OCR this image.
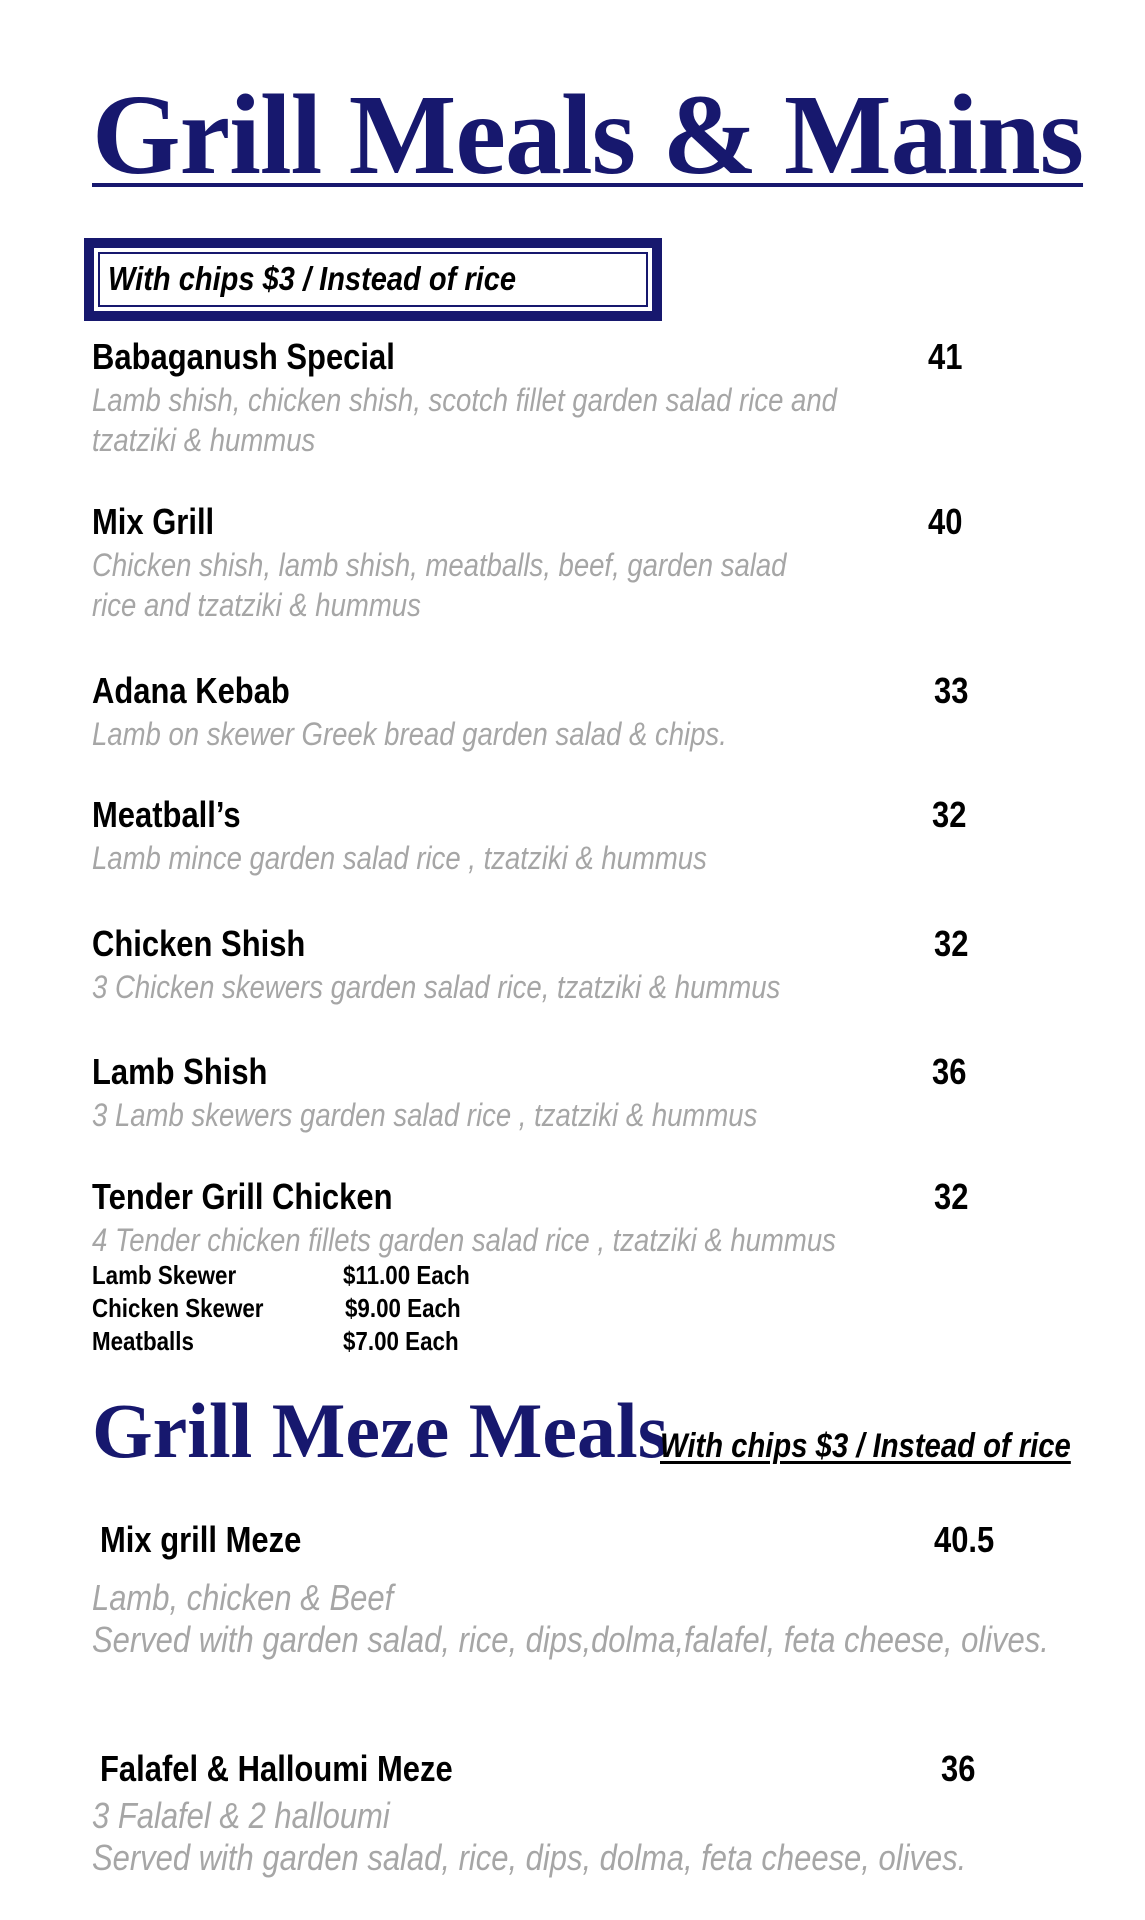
Grill Meals & Mains
With chips $3 / Instead of rice
Babaganush Special	41
Lamb shish, chicken shish, scotch fillet garden salad rice and
tzatziki & hummus
Mix Grill	40
Chicken shish, lamb shish, meatballs, beef, garden salad
rice and tzatziki & hummus
Adana Kebab	33
Lamb on skewer Greek bread garden salad & chips.
Meatball’s	32
Lamb mince garden salad rice , tzatziki & hummus
Chicken Shish	32
3 Chicken skewers garden salad rice, tzatziki & hummus
Lamb Shish	36
3 Lamb skewers garden salad rice , tzatziki & hummus
Tender Grill Chicken	32
4 Tender chicken fillets garden salad rice , tzatziki & hummus
Lamb Skewer	$11.00 Each
Chicken Skewer	$9.00 Each
Meatballs	$7.00 Each
Grill Meze Meals
With chips $3 / Instead of rice
Mix grill Meze	40.5
Lamb, chicken & Beef
Served with garden salad, rice, dips,dolma,falafel, feta cheese, olives.
Falafel & Halloumi Meze	36
3 Falafel & 2 halloumi
Served with garden salad, rice, dips, dolma, feta cheese, olives.
